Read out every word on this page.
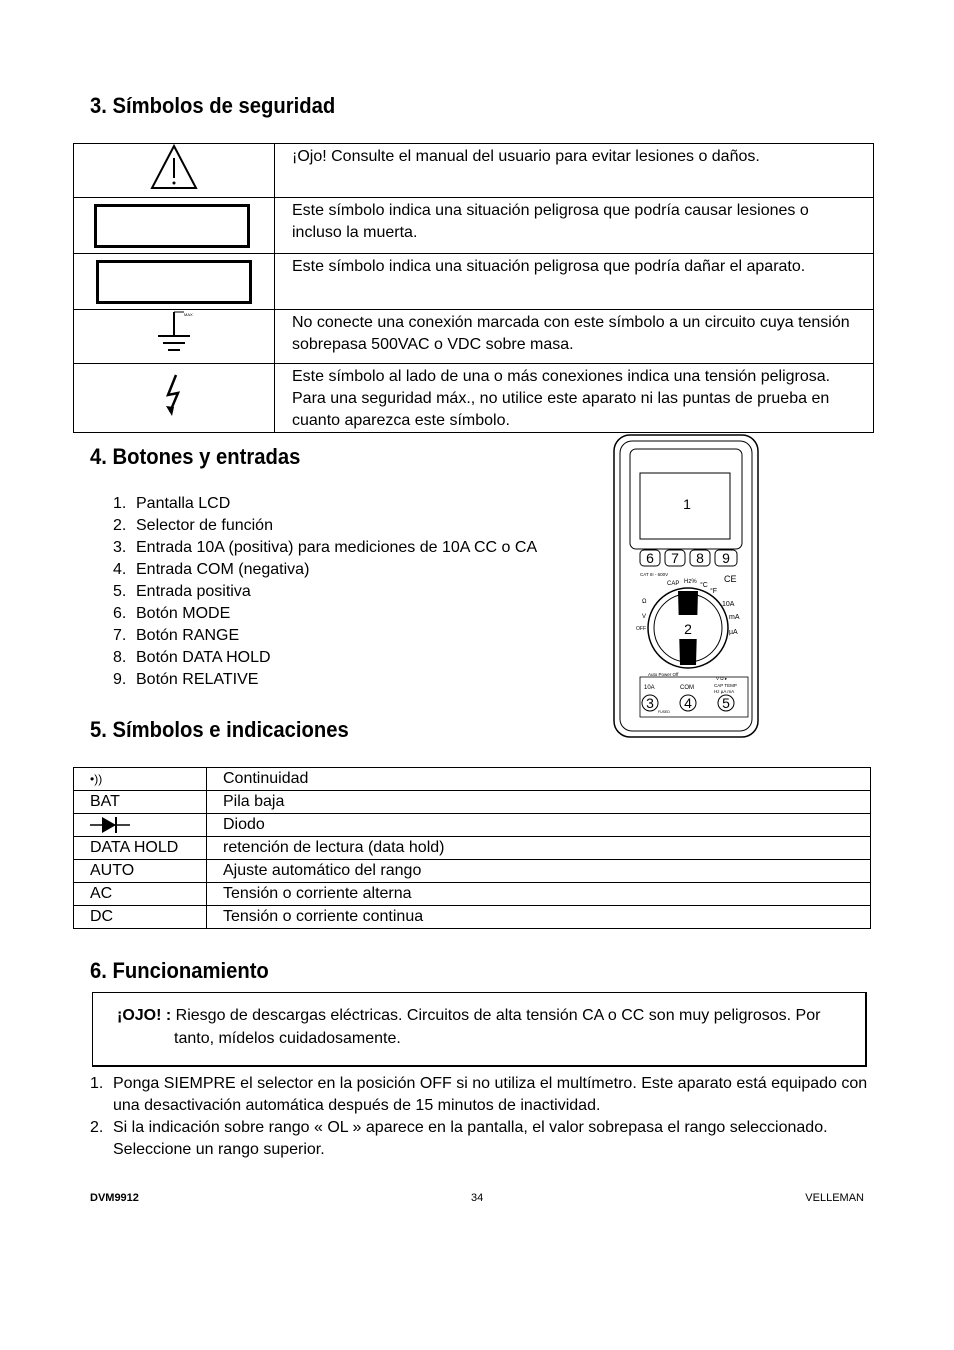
3. Símbolos de seguridad
	¡Ojo! Consulte el manual del usuario para evitar lesiones o daños.

	Este símbolo indica una situación peligrosa que podría causar lesiones o incluso la muerta.

	Este símbolo indica una situación peligrosa que podría dañar el aparato.

MAX	No conecte una conexión marcada con este símbolo a un circuito cuya tensión sobrepasa 500VAC o VDC sobre masa.
	Este símbolo al lado de una o más conexiones indica una tensión peligrosa. Para una seguridad máx., no utilice este aparato ni las puntas de prueba en cuanto aparezca este símbolo.
4. Botones y entradas
1. Pantalla LCD
2. Selector de función
3. Entrada 10A (positiva) para mediciones de 10A CC o CA
4. Entrada COM (negativa)
5. Entrada positiva
6. Botón MODE
7. Botón RANGE
8. Botón DATA HOLD
9. Botón RELATIVE
1
6 7 8 9
CAT III - 600V	CE
CAP Hz% °C
°F
10A
mA
µA
Ω
V
OFF	2
Auto Power Off
10A	COM
V Ω ▸
CAP TEMP
Hz µA mA
FUSED
3 4 5
5. Símbolos e indicaciones
•))	Continuidad
BAT	Pila baja
	Diodo
DATA HOLD	retención de lectura (data hold)
AUTO	Ajuste automático del rango
AC	Tensión o corriente alterna
DC	Tensión o corriente continua
6. Funcionamiento
¡OJO! : Riesgo de descargas eléctricas. Circuitos de alta tensión CA o CC son muy peligrosos. Por
tanto, mídelos cuidadosamente.
1. Ponga SIEMPRE el selector en la posición OFF si no utiliza el multímetro. Este aparato está equipado con
una desactivación automática después de 15 minutos de inactividad.
2. Si la indicación sobre rango « OL » aparece en la pantalla, el valor sobrepasa el rango seleccionado.
Seleccione un rango superior.
DVM9912	34	VELLEMAN
